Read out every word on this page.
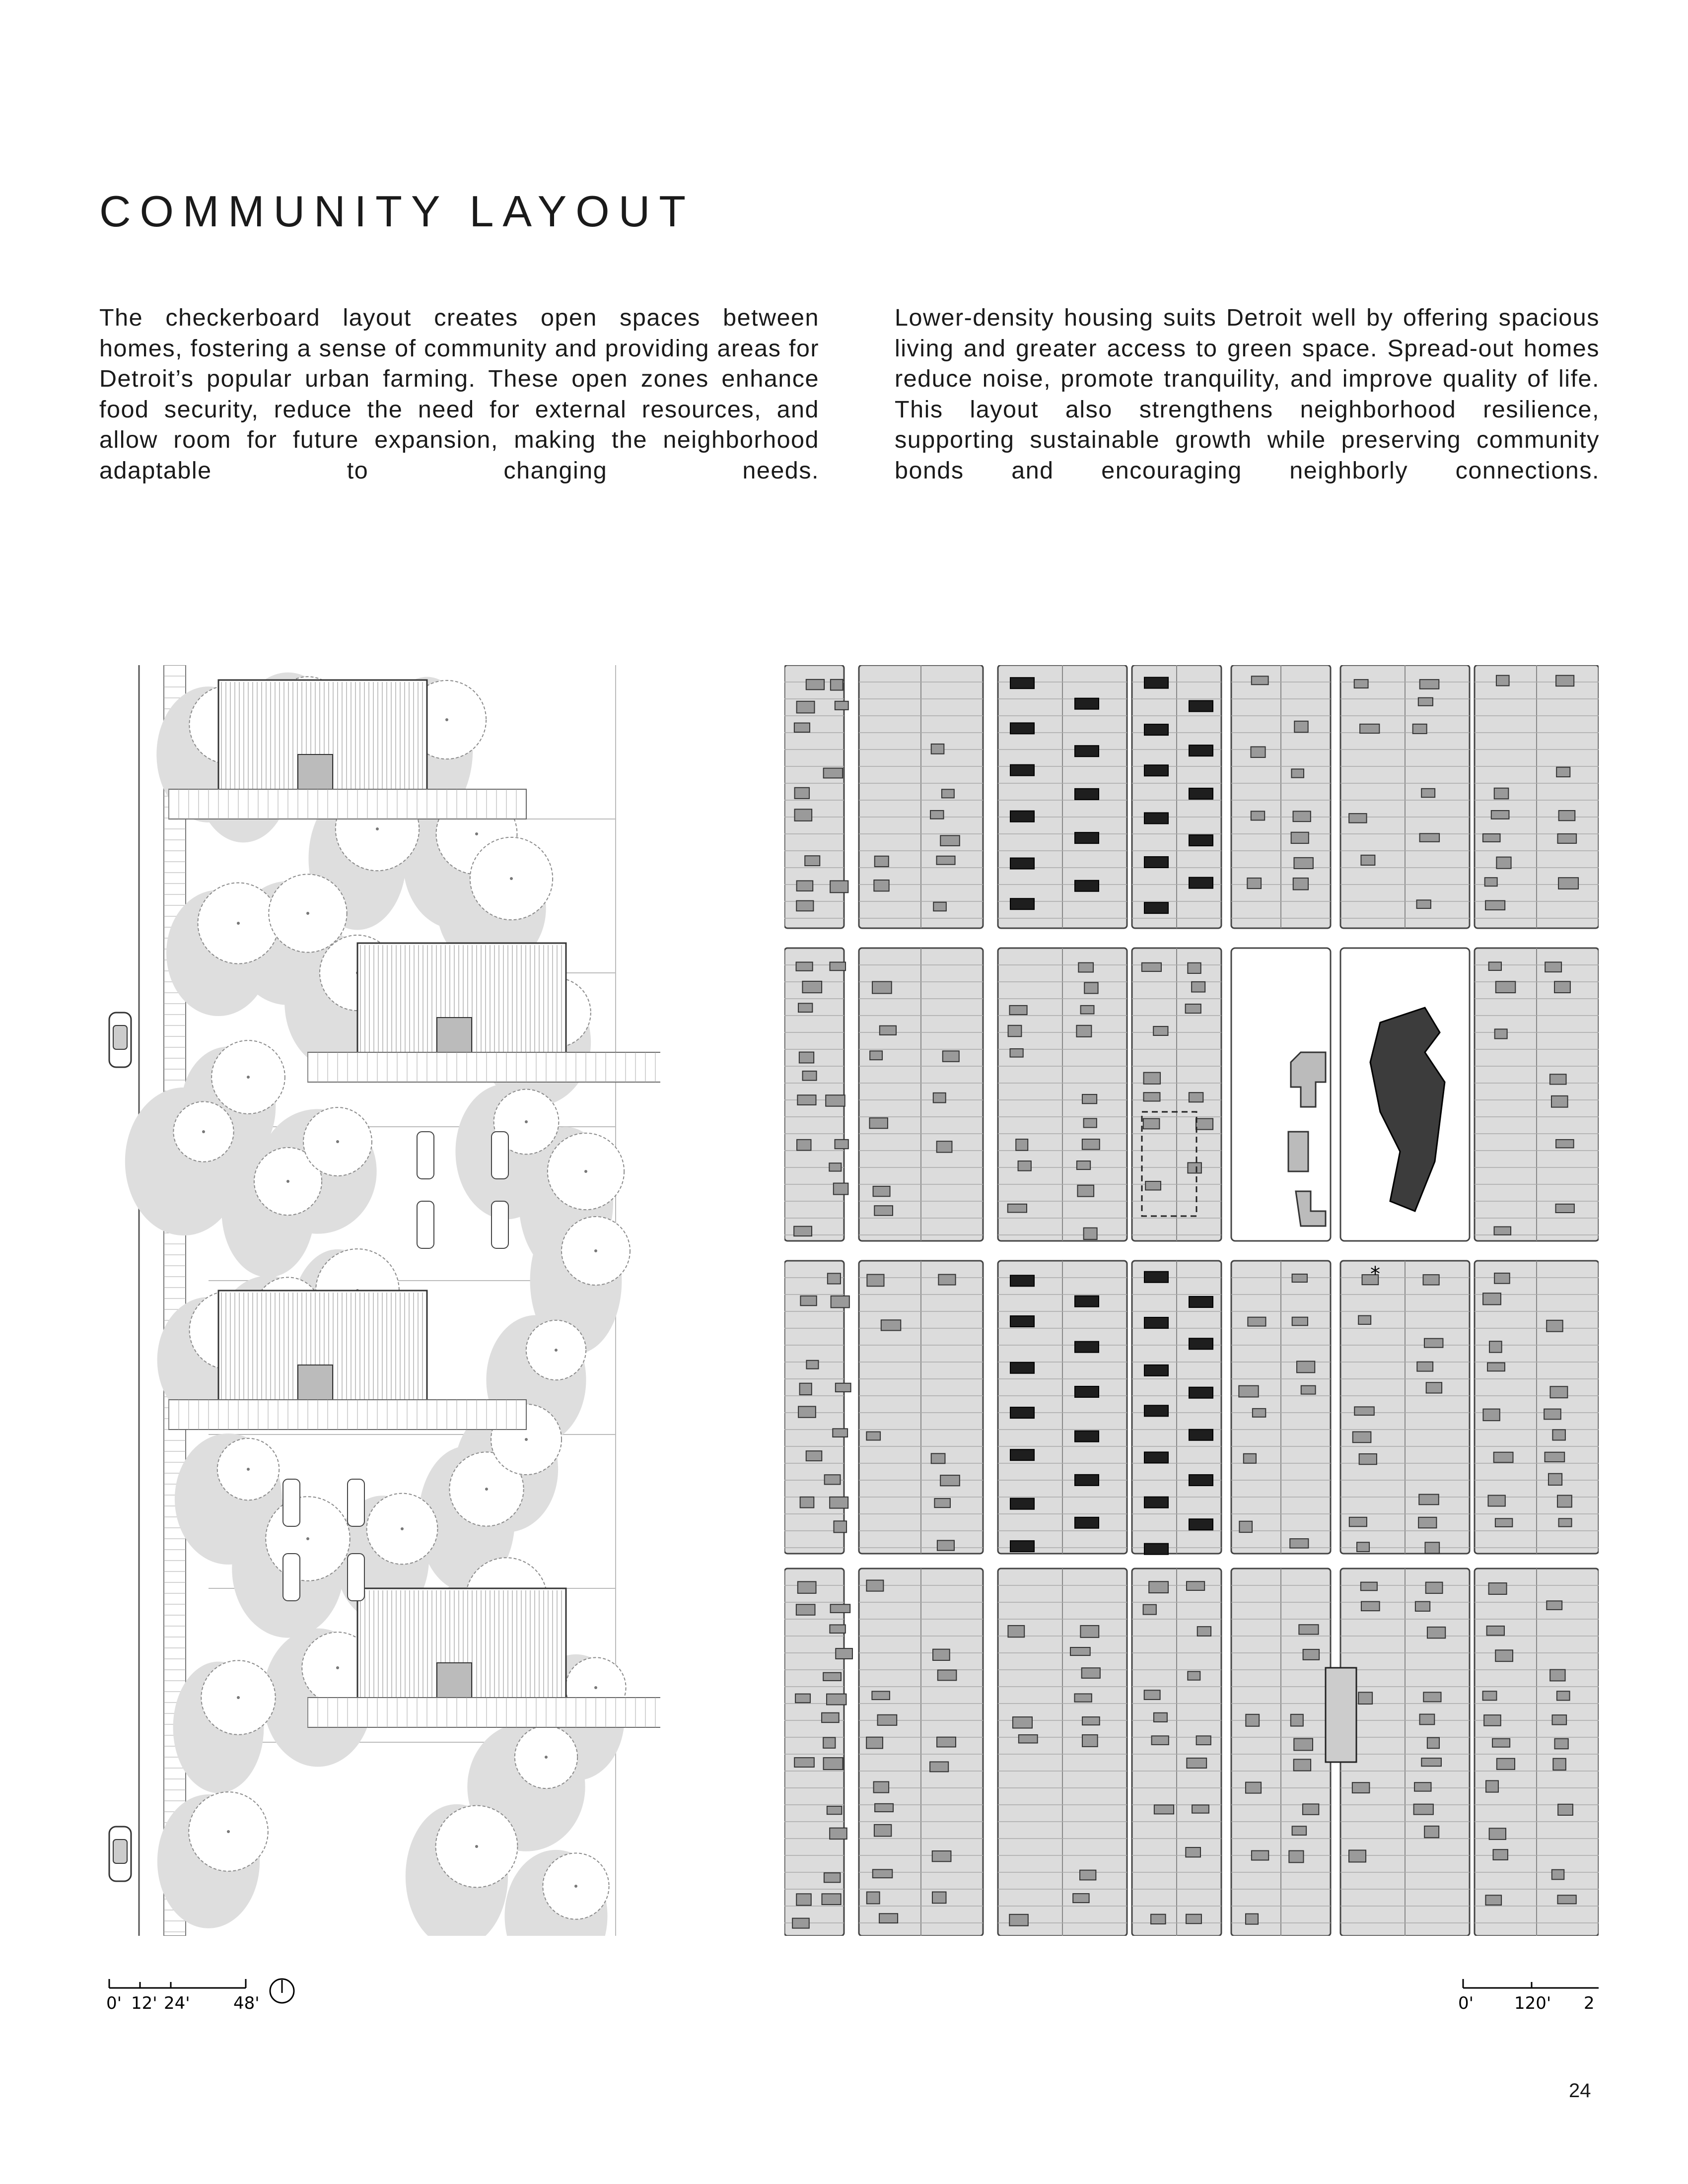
COMMUNITY LAYOUT

The checkerboard layout creates open spaces between homes, fostering a sense of community and providing areas for Detroit’s popular urban farming. These open zones enhance food security, reduce the need for external resources, and allow room for future expansion, making the neighborhood adaptable to changing needs.

Lower-density housing suits Detroit well by offering spacious living and greater access to green space. Spread-out homes reduce noise, promote tranquility, and improve quality of life. This layout also strengthens neighborhood resilience, supporting sustainable growth while preserving community bonds and encouraging neighborly connections.

*
0' 12' 24'	48'	0' 120' 2
24
